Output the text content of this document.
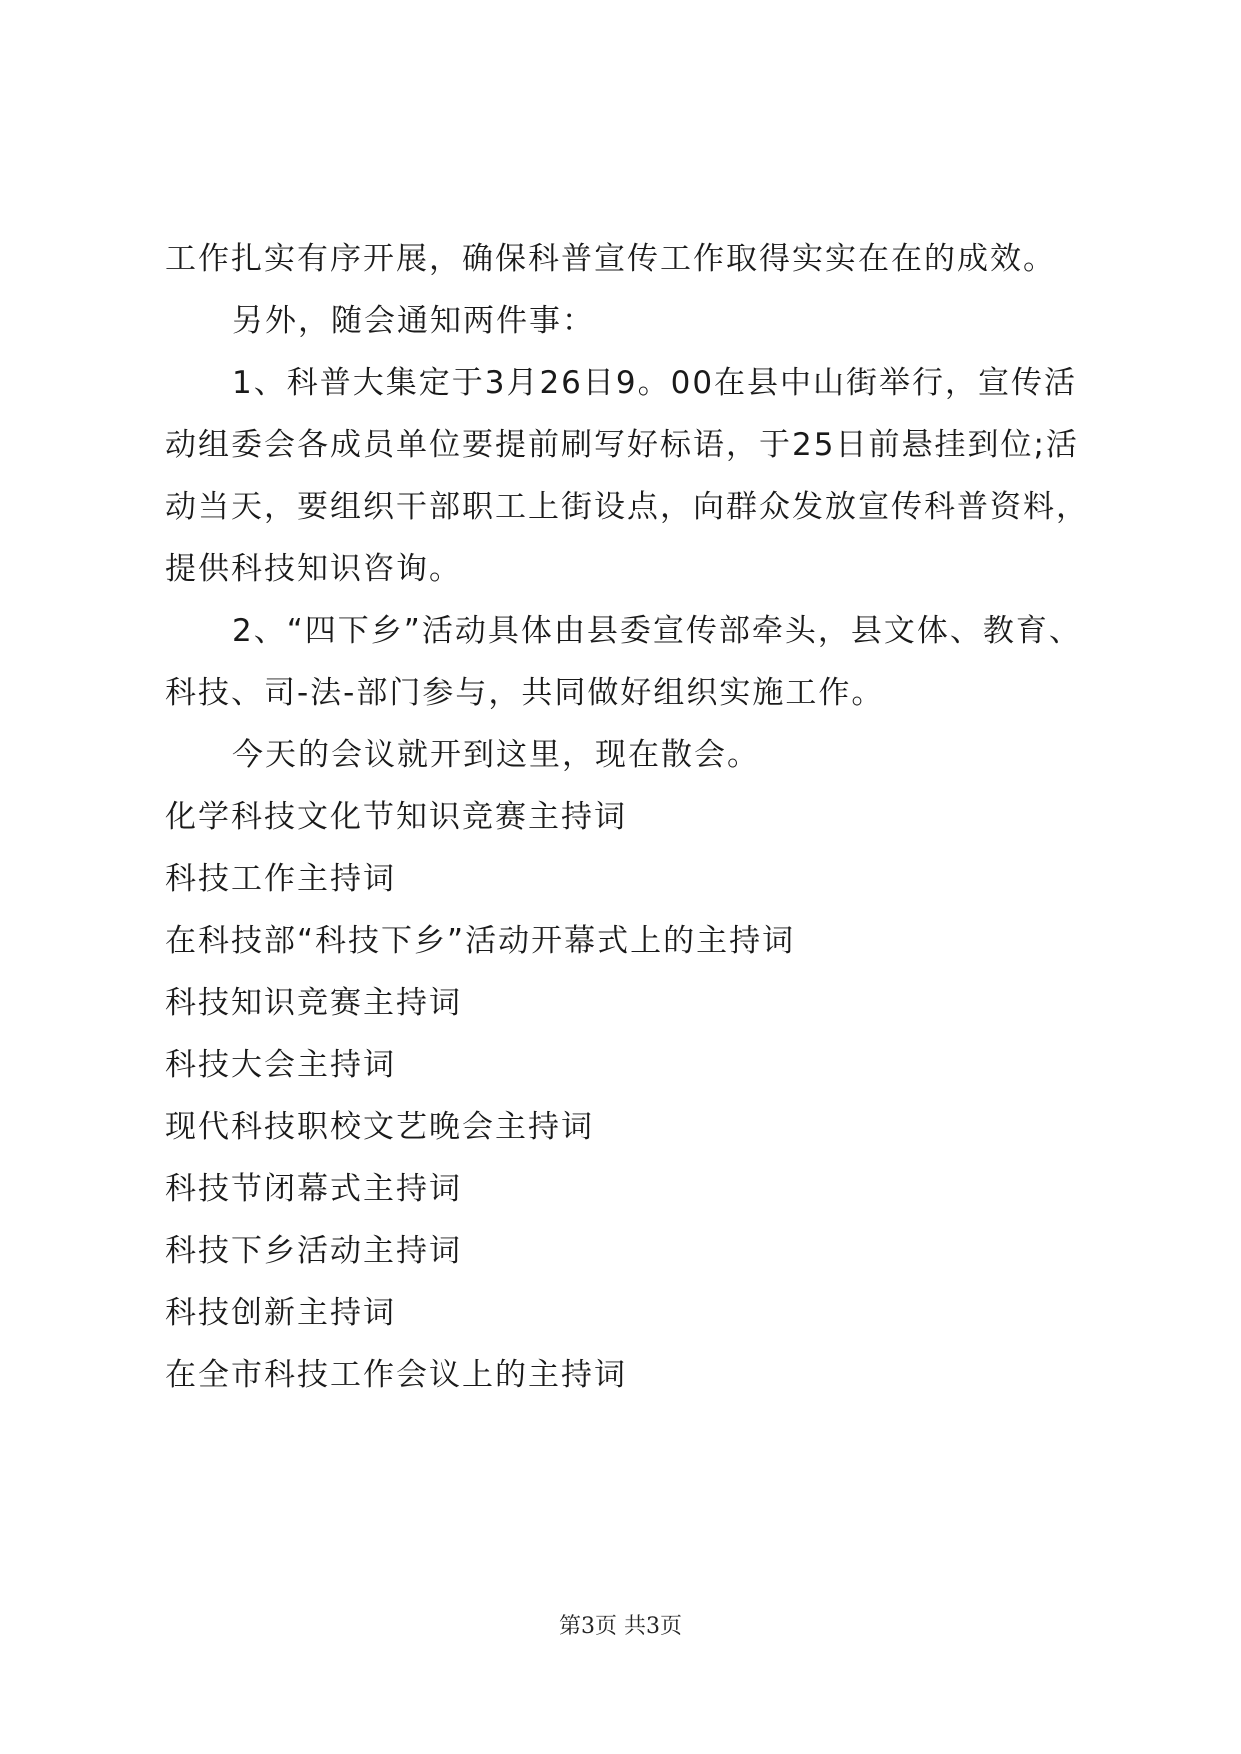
工作扎实有序开展，确保科普宣传工作取得实实在在的成效。

另外，随会通知两件事：

1、科普大集定于3月26日9。00在县中山街举行，宣传活动组委会各成员单位要提前刷写好标语，于25日前悬挂到位;活动当天，要组织干部职工上街设点，向群众发放宣传科普资料，提供科技知识咨询。

2、“四下乡”活动具体由县委宣传部牵头，县文体、教育、科技、司-法-部门参与，共同做好组织实施工作。

今天的会议就开到这里，现在散会。

化学科技文化节知识竞赛主持词

科技工作主持词

在科技部“科技下乡”活动开幕式上的主持词

科技知识竞赛主持词

科技大会主持词

现代科技职校文艺晚会主持词

科技节闭幕式主持词

科技下乡活动主持词

科技创新主持词

在全市科技工作会议上的主持词

第3页 共3页
